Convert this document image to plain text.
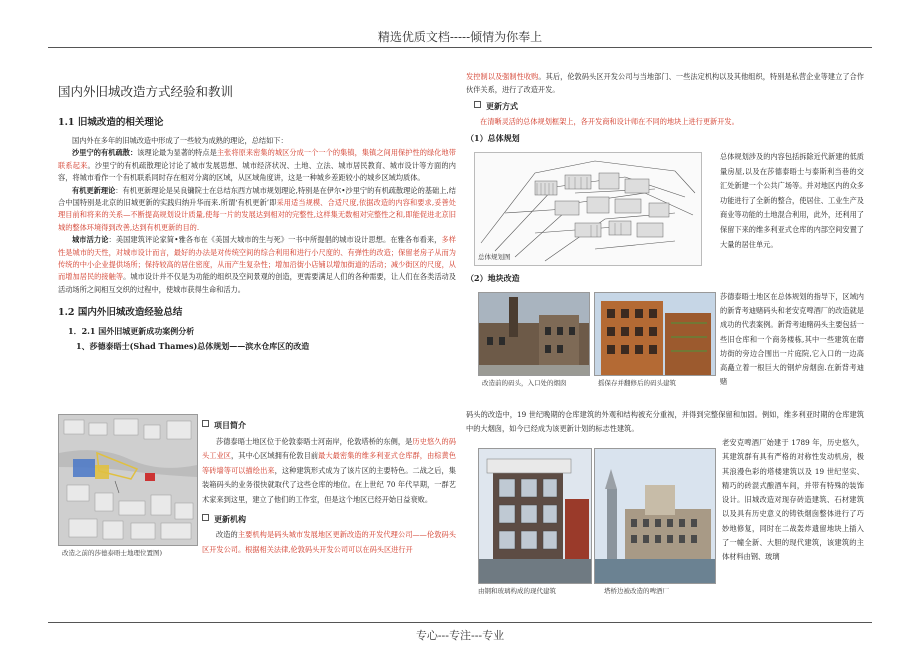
精选优质文档-----倾情为你奉上
国内外旧城改造方式经验和教训
1.1 旧城改造的相关理论

国内外在多年的旧城改造中形成了一些较为成熟的理论，总结如下：

沙里宁的有机疏散：该理论最为显著的特点是主张将原来密集的城区分成一个一个的集镇，集镇之间用保护性的绿化地带联系起来。沙里宁的有机疏散理论讨论了城市发展思想、城市经济状况、土地、立法、城市居民教育、城市设计等方面的内容，将城市看作一个有机联系同时存在相对分离的区域，从区域角度讲，这是一种城乡差距较小的城乡区域均质体。

有机更新理论：有机更新理论是吴良镛院士在总结东西方城市规划理论,特别是在伊尔•沙里宁的有机疏散理论的基础上,结合中国特别是北京的旧城更新的实践归纳升华而来.所谓‘有机更新’即采用适当规模、合适尺度,依据改造的内容和要求,妥善处理目前和将来的关系—不断提高规划设计质量,使每一片的发展达到相对的完整性,这样集无数相对完整性之和,即能促进北京旧城的整体环境得到改善,达到有机更新的目的.

城市活力论：美国建筑评论家简•雅各布在《美国大城市的生与死》一书中所提倡的城市设计思想。在雅各布看来，多样性是城市的天性，对城市设计而言，最好的办法是对传统空间的综合利用和进行小尺度的、有弹性的改造；保留老房子从而为传统的中小企业提供场所；保持较高的居住密度，从而产生复杂性；增加沿街小店铺以增加街道的活动；减少街区的尺度，从而增加居民的接触等。城市设计并不仅是为功能的组织及空间景观的创造，更需要满足人们的各种需要，让人们在各类活动及活动场所之间相互交织的过程中，使城市获得生命和活力。

1.2 国内外旧城改造经验总结
1．2.1 国外旧城更新成功案例分析
1、莎德泰晤士(Shad Thames)总体规划——滨水仓库区的改造
改造之前的莎德泰晤士地理位置图)
项目简介

莎德泰晤士地区位于伦敦泰晤士河南岸，伦敦塔桥的东侧，是历史悠久的码头工业区，其中心区域拥有伦敦目前最大最密集的维多利亚式仓库群，由棕黄色等砖墙等可以描绘出来，这种建筑形式成为了该片区的主要特色。二战之后，集装箱码头的业务很快就取代了这些仓库的地位。在上世纪 70 年代早期，一群艺术家来到这里，建立了他们的工作室，但是这个地区已经开始日益衰败。

更新机构

改造的主要机构是码头城市发展地区更新改造的开发代理公司——伦敦码头区开发公司。根据相关法律,伦敦码头开发公司可以在码头区进行开

发控制以及强制性收购。其后，伦敦码头区开发公司与当地部门、一些法定机构以及其他组织，特别是私营企业等建立了合作伙伴关系，进行了改造开发。

更新方式

在清晰灵活的总体规划框架上，各开发商和设计师在不同的地块上进行更新开发。

（1）总体规划
总体规划图
总体规划涉及的内容包括拆除近代新建的低质量房屋,以及在莎德泰晤士与泰斯利当巷的交汇处新建一个公共广场等。并对地区内的众多功能进行了全新的整合，使居住、工业生产及商业等功能的土地混合利用，此外，还利用了保留下来的维多利亚式仓库的内部空间安置了大量的居住单元。
（2）地块改造
改造前的码头，入口处的烟囱	摇保存并翻修后的码头建筑
莎德泰晤士地区在总体规划的指导下，区域内的新背考迪赌码头和老安克啤酒厂的改造就是成功的代表案例。新背考迪赌码头主要包括一些旧仓库和一个商务楼栋,其中一些建筑在磨坊街的旁边合围出一片庭院,它入口的一边高高矗立着一根巨大的钢炉房烟囱.在新背考迪赌
码头的改造中，19 世纪晚期的仓库建筑的外观和结构被充分重视，并得到完整保留和加固。例如，维多利亚时期的仓库建筑中的大烟囱，如今已经成为该更新计划的标志性建筑。
由钢和玻璃构成的现代建筑	塔桥边被改造的啤酒厂
老安克啤酒厂始建于 1789 年，历史悠久，其建筑群有具有严格的对称性发动机房，极其浪漫色彩的塔楼建筑以及 19 世纪坚实、精巧的砖混式酿酒车间，并带有特殊的装饰设计。旧城改造对现存砖造建筑、石材建筑以及具有历史意义的铸铁烟囱整体进行了巧妙地修复，同时在二战轰炸遗留地块上插入了一幢全新、大胆的现代建筑，该建筑的主体材料由钢、玻璃
专心---专注---专业
